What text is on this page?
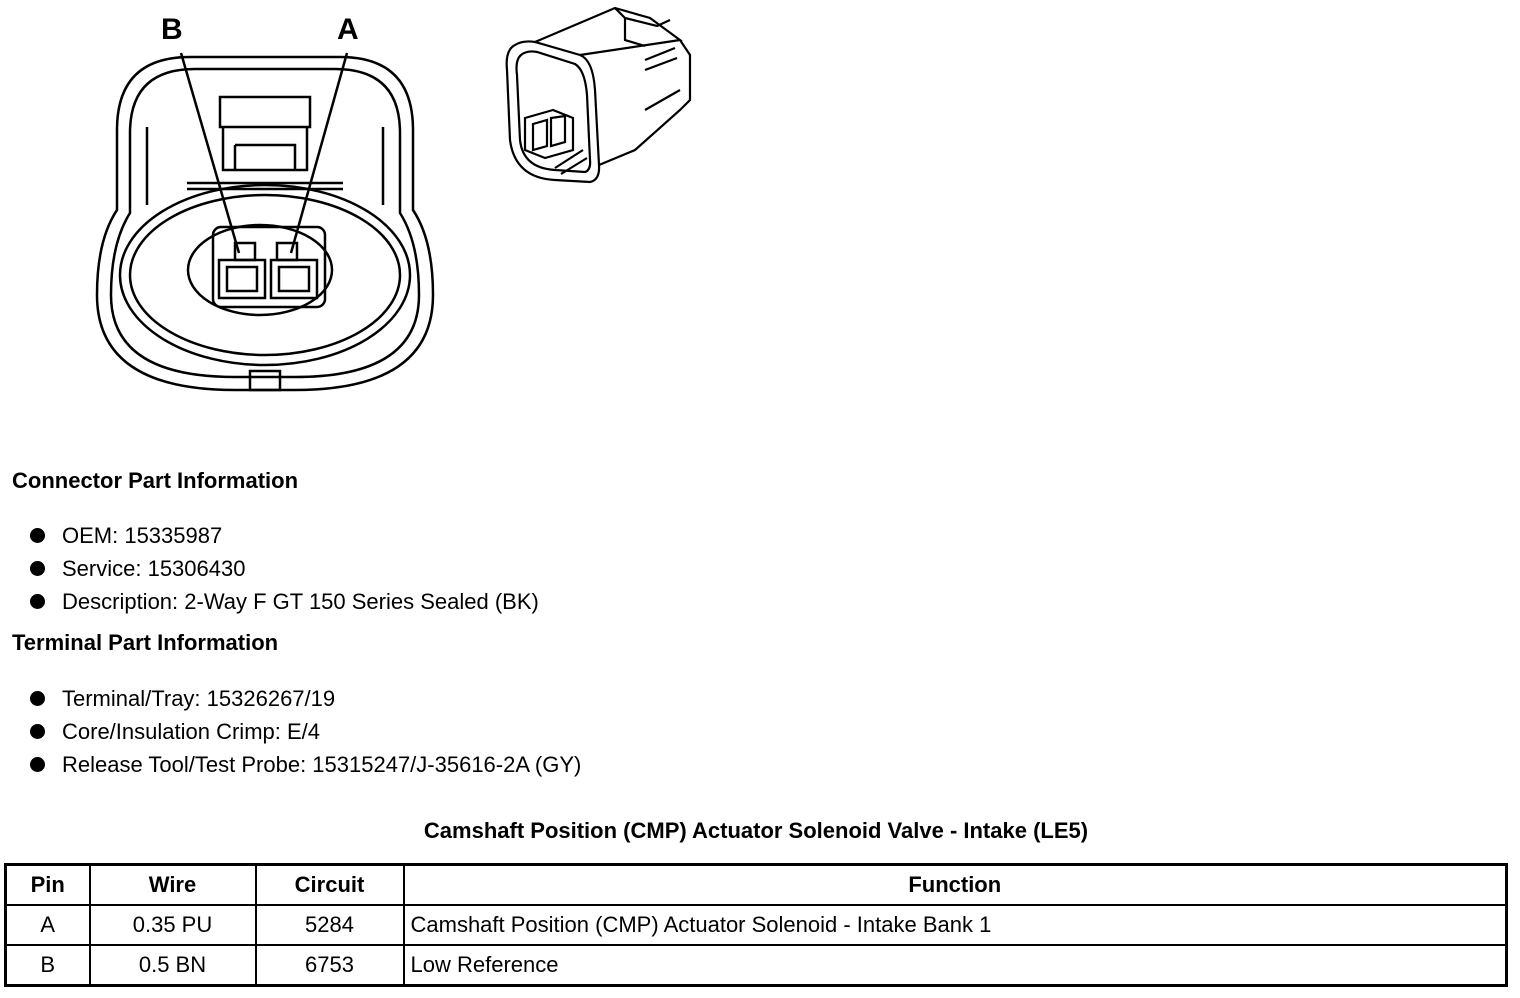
B	A
Connector Part Information
OEM: 15335987
Service: 15306430
Description: 2-Way F GT 150 Series Sealed (BK)
Terminal Part Information
Terminal/Tray: 15326267/19
Core/Insulation Crimp: E/4
Release Tool/Test Probe: 15315247/J-35616-2A (GY)
Camshaft Position (CMP) Actuator Solenoid Valve - Intake (LE5)
Pin	Wire	Circuit	Function
A	0.35 PU	5284	Camshaft Position (CMP) Actuator Solenoid - Intake Bank 1
B	0.5 BN	6753	Low Reference
